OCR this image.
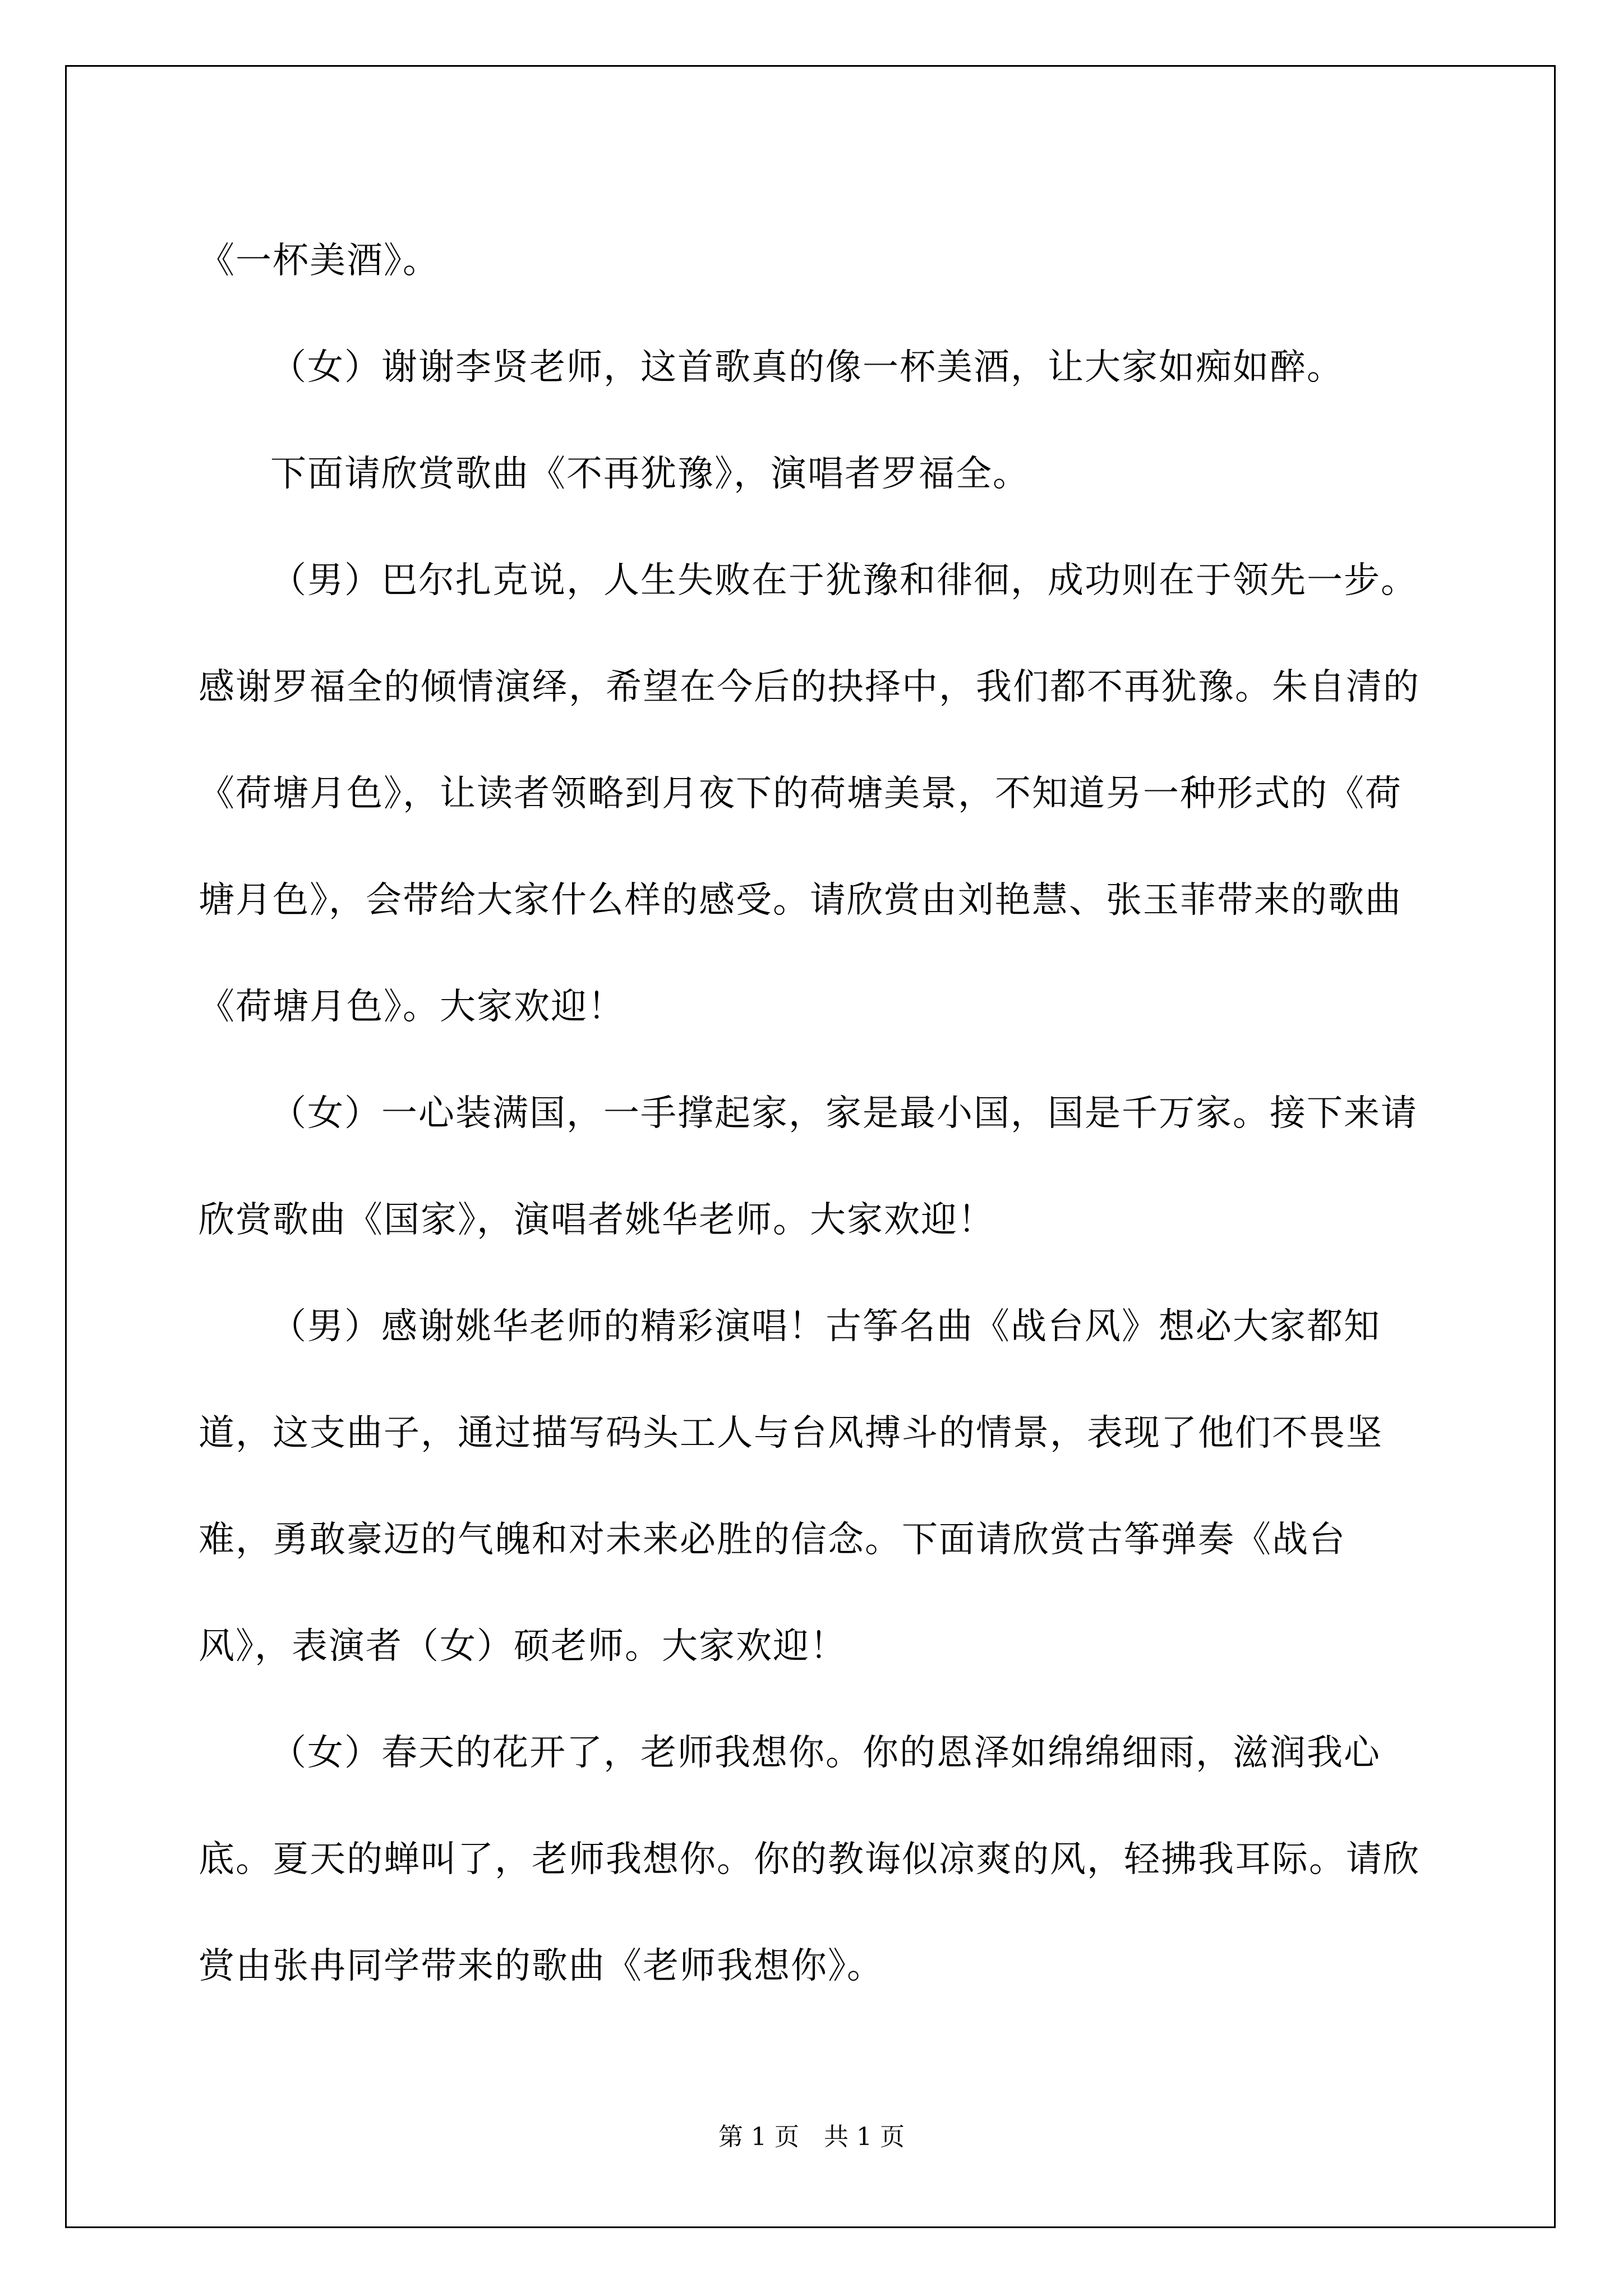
《一杯美酒》。

（女）谢谢李贤老师，这首歌真的像一杯美酒，让大家如痴如醉。

下面请欣赏歌曲《不再犹豫》，演唱者罗福全。

（男）巴尔扎克说，人生失败在于犹豫和徘徊，成功则在于领先一步。感谢罗福全的倾情演绎，希望在今后的抉择中，我们都不再犹豫。朱自清的《荷塘月色》，让读者领略到月夜下的荷塘美景，不知道另一种形式的《荷塘月色》，会带给大家什么样的感受。请欣赏由刘艳慧、张玉菲带来的歌曲《荷塘月色》。大家欢迎！

（女）一心装满国，一手撑起家，家是最小国，国是千万家。接下来请欣赏歌曲《国家》，演唱者姚华老师。大家欢迎！

（男）感谢姚华老师的精彩演唱！古筝名曲《战台风》想必大家都知道，这支曲子，通过描写码头工人与台风搏斗的情景，表现了他们不畏坚难，勇敢豪迈的气魄和对未来必胜的信念。下面请欣赏古筝弹奏《战台风》，表演者（女）硕老师。大家欢迎！

（女）春天的花开了，老师我想你。你的恩泽如绵绵细雨，滋润我心底。夏天的蝉叫了，老师我想你。你的教诲似凉爽的风，轻拂我耳际。请欣赏由张冉同学带来的歌曲《老师我想你》。

第 1 页　共 1 页
